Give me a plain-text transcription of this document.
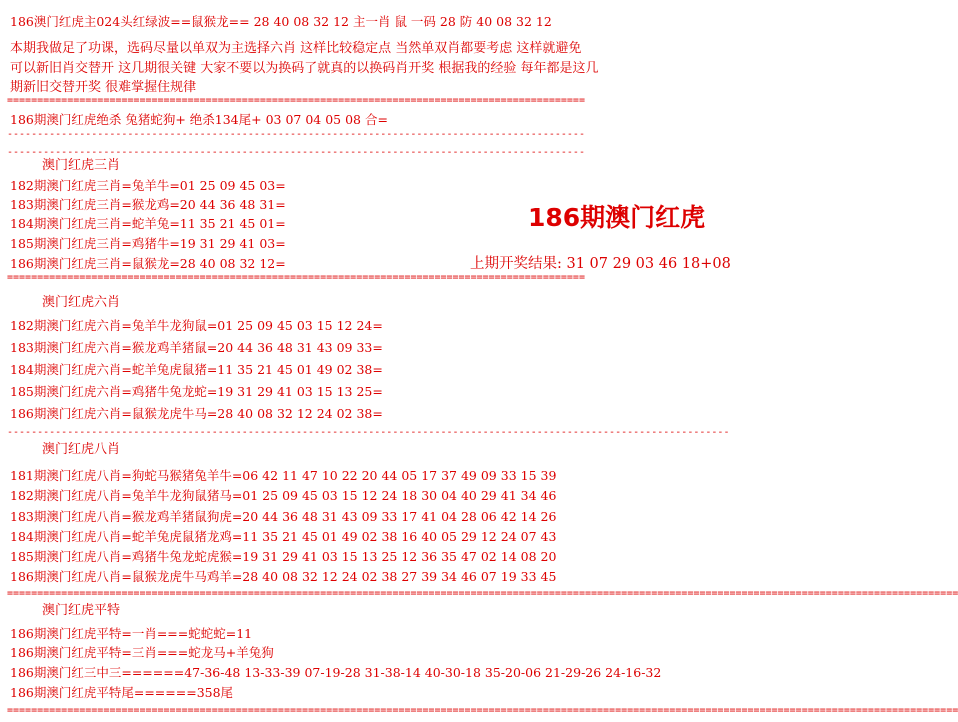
186澳门红虎主024头红绿波==鼠猴龙== 28 40 08 32 12 主一肖 鼠 一码 28 防 40 08 32 12
本期我做足了功课，选码尽量以单双为主选择六肖 这样比较稳定点 当然单双肖都要考虑 这样就避免
可以新旧肖交替开 这几期很关键 大家不要以为换码了就真的以换码肖开奖 根据我的经验 每年都是这几
期新旧交替开奖 很难掌握住规律
================================================================================================
186期澳门红虎绝杀 兔猪蛇狗+ 绝杀134尾+ 03 07 04 05 08 合=
------------------------------------------------------------------------------------------------
------------------------------------------------------------------------------------------------
澳门红虎三肖
182期澳门红虎三肖=兔羊牛=01 25 09 45 03=
183期澳门红虎三肖=猴龙鸡=20 44 36 48 31=
184期澳门红虎三肖=蛇羊兔=11 35 21 45 01=
185期澳门红虎三肖=鸡猪牛=19 31 29 41 03=
186期澳门红虎三肖=鼠猴龙=28 40 08 32 12=
================================================================================================
186期澳门红虎
上期开奖结果: 31 07 29 03 46 18+08
澳门红虎六肖
182期澳门红虎六肖=兔羊牛龙狗鼠=01 25 09 45 03 15 12 24=
183期澳门红虎六肖=猴龙鸡羊猪鼠=20 44 36 48 31 43 09 33=
184期澳门红虎六肖=蛇羊兔虎鼠猪=11 35 21 45 01 49 02 38=
185期澳门红虎六肖=鸡猪牛兔龙蛇=19 31 29 41 03 15 13 25=
186期澳门红虎六肖=鼠猴龙虎牛马=28 40 08 32 12 24 02 38=
------------------------------------------------------------------------------------------------------------------------
澳门红虎八肖
181期澳门红虎八肖=狗蛇马猴猪兔羊牛=06 42 11 47 10 22 20 44 05 17 37 49 09 33 15 39
182期澳门红虎八肖=兔羊牛龙狗鼠猪马=01 25 09 45 03 15 12 24 18 30 04 40 29 41 34 46
183期澳门红虎八肖=猴龙鸡羊猪鼠狗虎=20 44 36 48 31 43 09 33 17 41 04 28 06 42 14 26
184期澳门红虎八肖=蛇羊兔虎鼠猪龙鸡=11 35 21 45 01 49 02 38 16 40 05 29 12 24 07 43
185期澳门红虎八肖=鸡猪牛兔龙蛇虎猴=19 31 29 41 03 15 13 25 12 36 35 47 02 14 08 20
186期澳门红虎八肖=鼠猴龙虎牛马鸡羊=28 40 08 32 12 24 02 38 27 39 34 46 07 19 33 45
==============================================================================================================================================================
澳门红虎平特
186期澳门红虎平特=一肖===蛇蛇蛇=11
186期澳门红虎平特=三肖===蛇龙马+羊兔狗
186期澳门红三中三======47-36-48 13-33-39 07-19-28 31-38-14 40-30-18 35-20-06 21-29-26 24-16-32
186期澳门红虎平特尾======358尾
==============================================================================================================================================================
